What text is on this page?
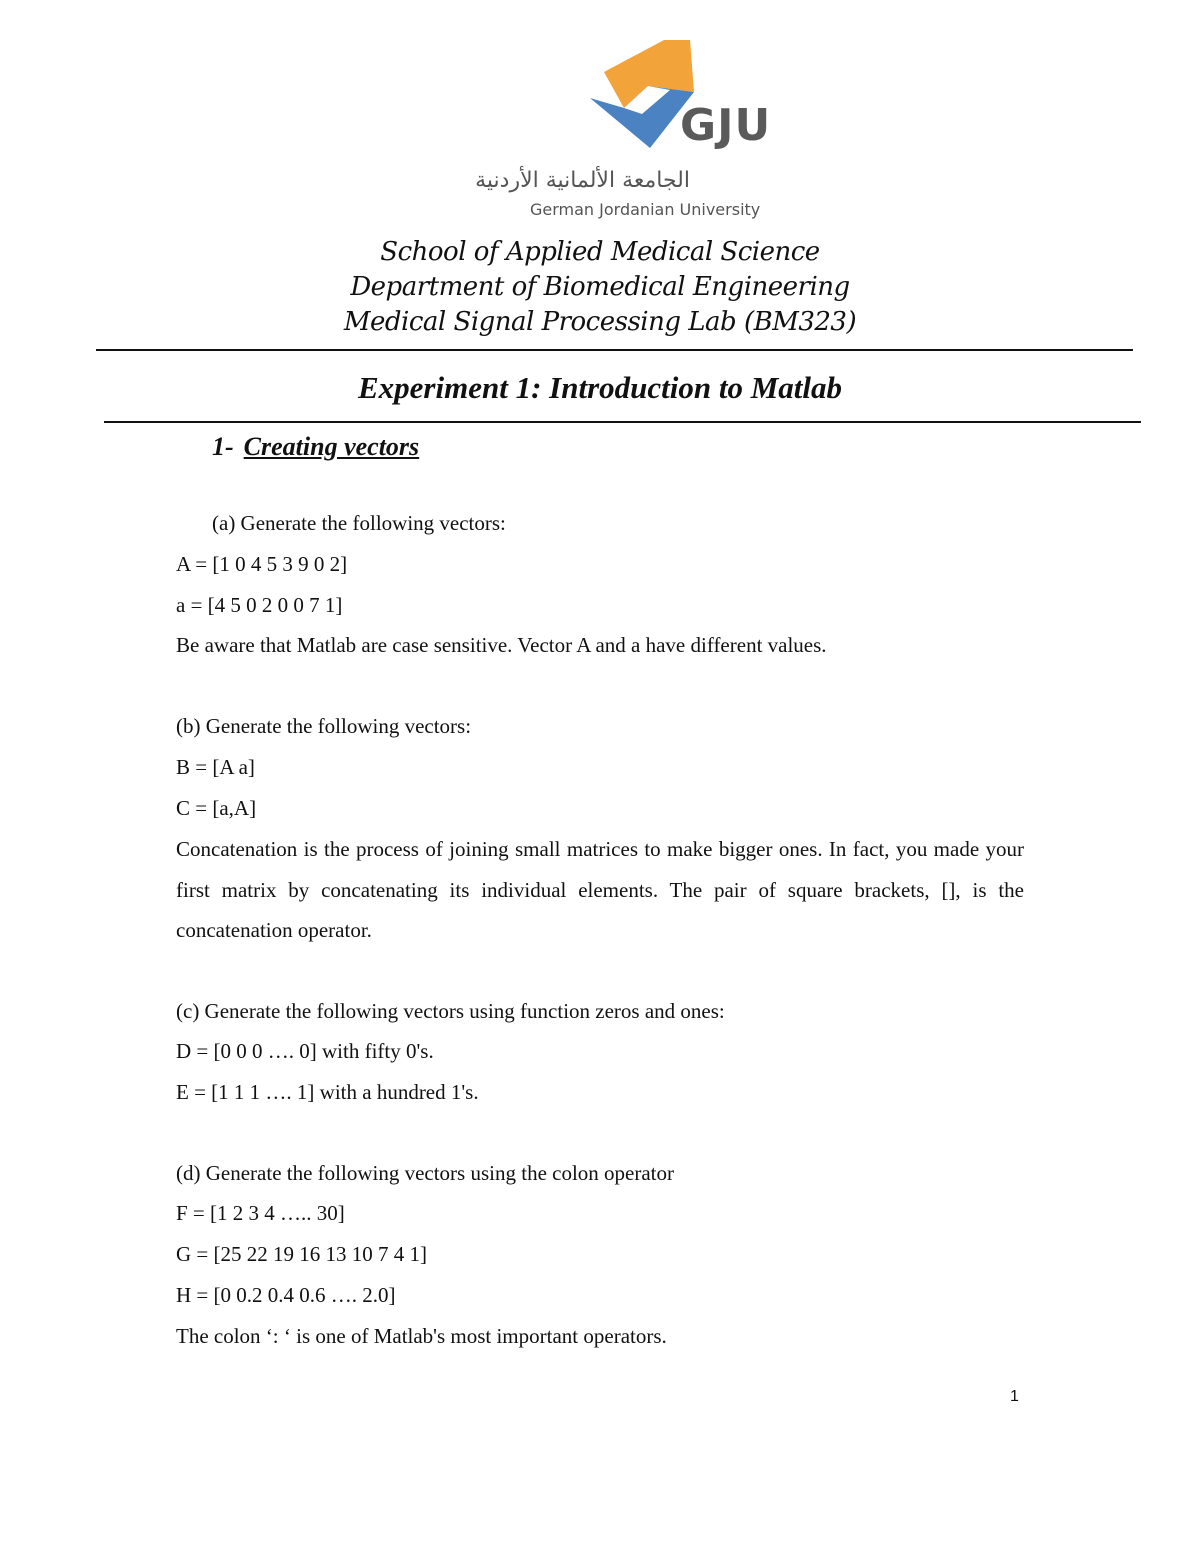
GJU
الجامعة الألمانية الأردنية
German Jordanian University
School of Applied Medical Science
Department of Biomedical Engineering
Medical Signal Processing Lab (BM323)
Experiment 1: Introduction to Matlab
1- Creating vectors
(a) Generate the following vectors:
A = [1 0 4 5 3 9 0 2]
a = [4 5 0 2 0 0 7 1]
Be aware that Matlab are case sensitive. Vector A and a have different values.
(b) Generate the following vectors:
B = [A a]
C = [a,A]
Concatenation is the process of joining small matrices to make bigger ones. In fact, you made your first matrix by concatenating its individual elements. The pair of square brackets, [], is the concatenation operator.
(c) Generate the following vectors using function zeros and ones:
D = [0 0 0 …. 0] with fifty 0's.
E = [1 1 1 …. 1] with a hundred 1's.
(d) Generate the following vectors using the colon operator
F = [1 2 3 4 ….. 30]
G = [25 22 19 16 13 10 7 4 1]
H = [0 0.2 0.4 0.6 …. 2.0]
The colon ‘: ‘ is one of Matlab's most important operators.
1
